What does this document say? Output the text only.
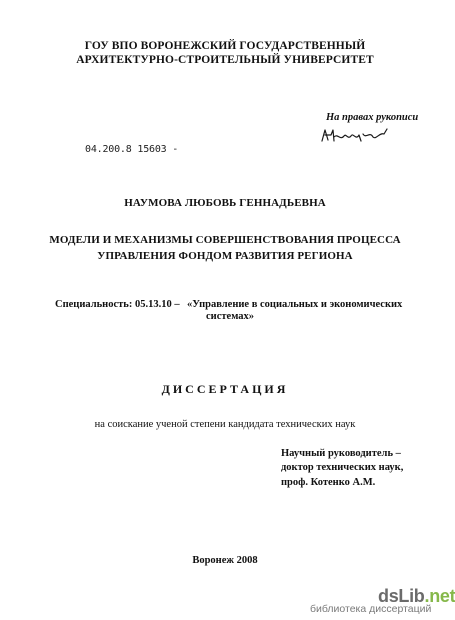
ГОУ ВПО ВОРОНЕЖСКИЙ ГОСУДАРСТВЕННЫЙ
АРХИТЕКТУРНО-СТРОИТЕЛЬНЫЙ УНИВЕРСИТЕТ
На правах рукописи
04.200.8 15603 -
НАУМОВА ЛЮБОВЬ ГЕННАДЬЕВНА
МОДЕЛИ И МЕХАНИЗМЫ СОВЕРШЕНСТВОВАНИЯ ПРОЦЕССА
УПРАВЛЕНИЯ ФОНДОМ РАЗВИТИЯ РЕГИОНА
Специальность: 05.13.10 – «Управление в социальных и экономических
системах»
ДИССЕРТАЦИЯ
на соискание ученой степени кандидата технических наук
Научный руководитель –
доктор технических наук,
проф. Котенко А.М.
Воронеж 2008
dsLib.net
библиотека диссертаций
